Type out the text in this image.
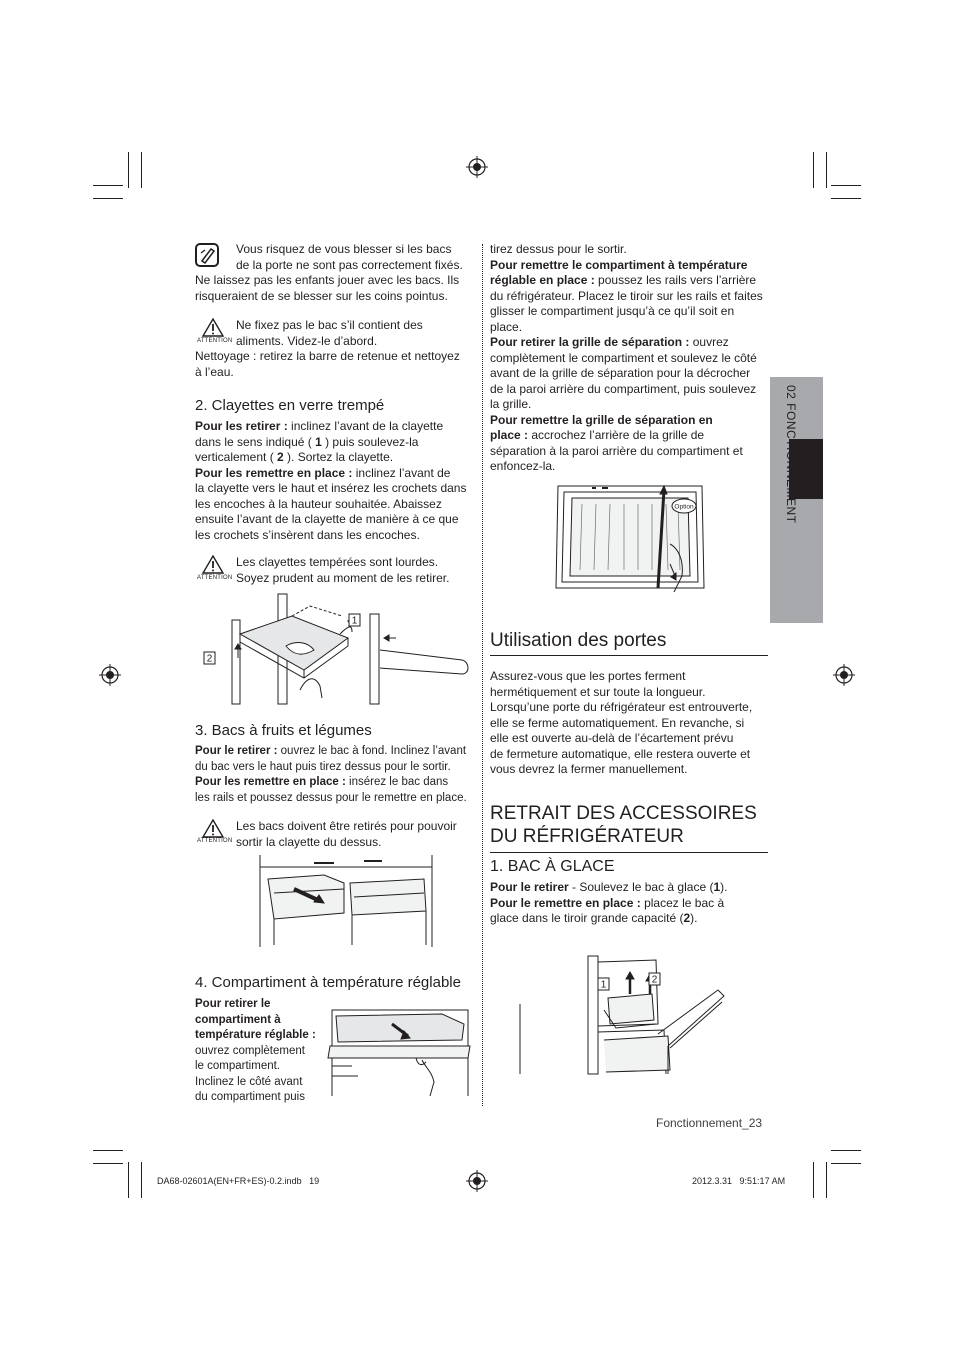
Vous risquez de vous blesser si les bacs
de la porte ne sont pas correctement fixés.
Ne laissez pas les enfants jouer avec les bacs. Ils
risqueraient de se blesser sur les coins pointus.
ATTENTION
Ne fixez pas le bac s’il contient des
aliments. Videz-le d’abord.
Nettoyage : retirez la barre de retenue et nettoyez
à l’eau.
2. Clayettes en verre trempé
Pour les retirer : inclinez l’avant de la clayette
dans le sens indiqué ( 1 ) puis soulevez-la
verticalement ( 2 ). Sortez la clayette.
Pour les remettre en place : inclinez l’avant de
la clayette vers le haut et insérez les crochets dans
les encoches à la hauteur souhaitée. Abaissez
ensuite l’avant de la clayette de manière à ce que
les crochets s’insèrent dans les encoches.
ATTENTION
Les clayettes tempérées sont lourdes.
Soyez prudent au moment de les retirer.
1
2
3. Bacs à fruits et légumes
Pour le retirer : ouvrez le bac à fond. Inclinez l’avant
du bac vers le haut puis tirez dessus pour le sortir.
Pour les remettre en place : insérez le bac dans
les rails et poussez dessus pour le remettre en place.
ATTENTION
Les bacs doivent être retirés pour pouvoir
sortir la clayette du dessus.
4. Compartiment à température réglable
Pour retirer le
compartiment à
température réglable :
ouvrez complètement
le compartiment.
Inclinez le côté avant
du compartiment puis
tirez dessus pour le sortir.
Pour remettre le compartiment à température
réglable en place : poussez les rails vers l’arrière
du réfrigérateur. Placez le tiroir sur les rails et faites
glisser le compartiment jusqu’à ce qu’il soit en
place.
Pour retirer la grille de séparation : ouvrez
complètement le compartiment et soulevez le côté
avant de la grille de séparation pour la décrocher
de la paroi arrière du compartiment, puis soulevez
la grille.
Pour remettre la grille de séparation en
place : accrochez l’arrière de la grille de
séparation à la paroi arrière du compartiment et
enfoncez-la.
Option
Utilisation des portes
Assurez-vous que les portes ferment
hermétiquement et sur toute la longueur.
Lorsqu’une porte du réfrigérateur est entrouverte,
elle se ferme automatiquement. En revanche, si
elle est ouverte au-delà de l’écartement prévu
de fermeture automatique, elle restera ouverte et
vous devrez la fermer manuellement.
RETRAIT DES ACCESSOIRES
DU RÉFRIGÉRATEUR
1. BAC À GLACE
Pour le retirer - Soulevez le bac à glace (1).
Pour le remettre en place : placez le bac à
glace dans le tiroir grande capacité (2).
1	2
02 FONCTIONNEMENT
Fonctionnement_23
DA68-02601A(EN+FR+ES)-0.2.indb   19	2012.3.31   9:51:17 AM
